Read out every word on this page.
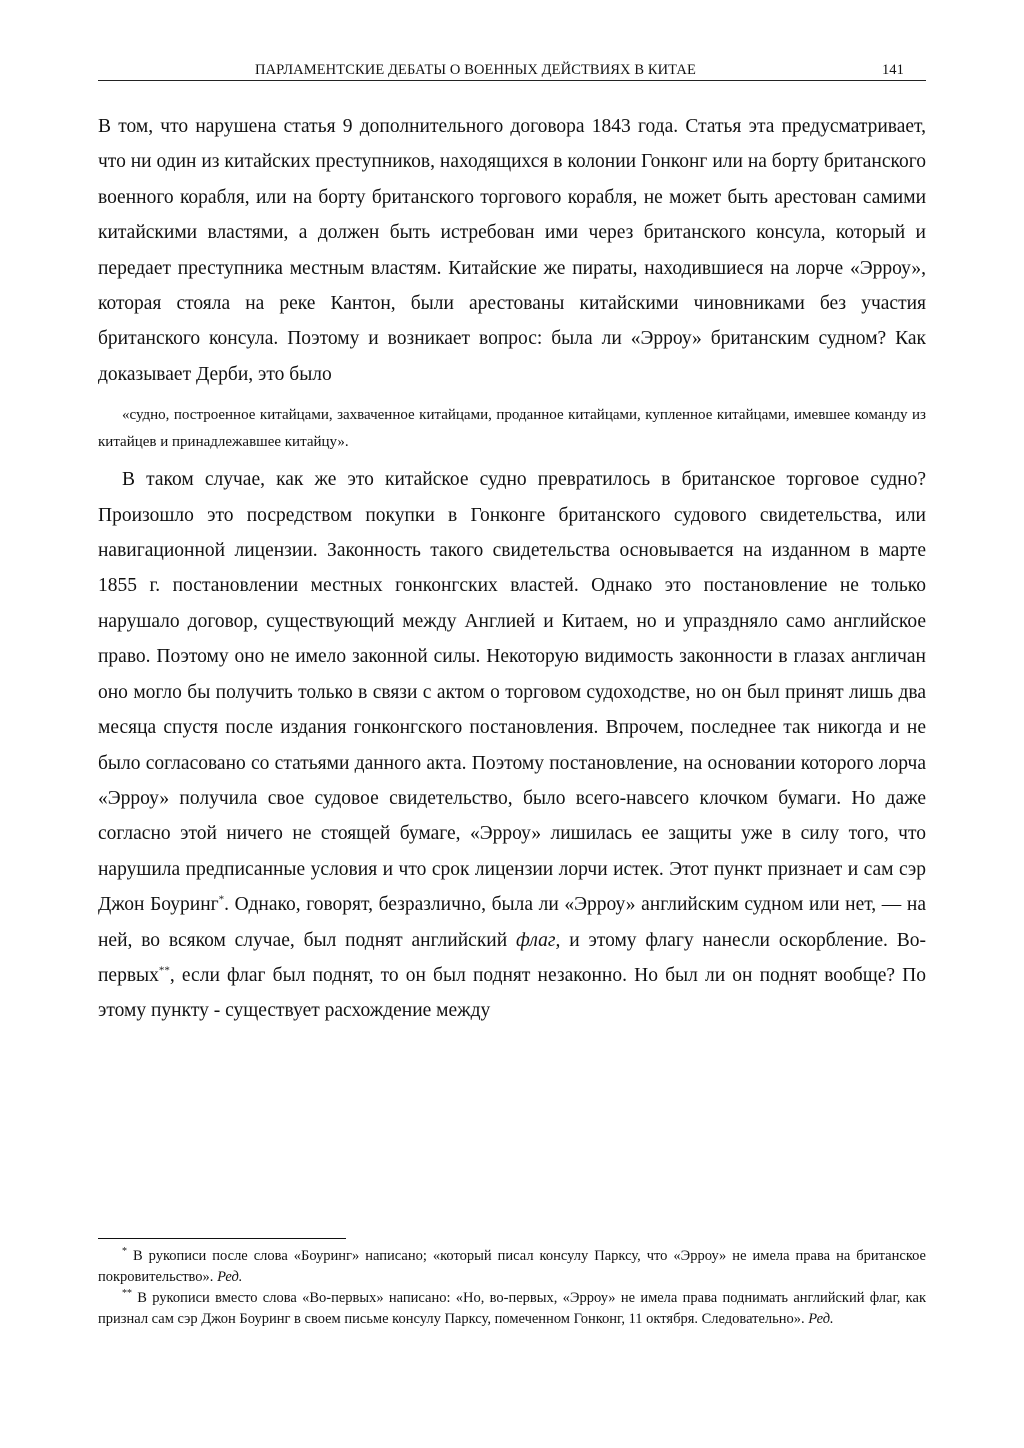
ПАРЛАМЕНТСКИЕ ДЕБАТЫ О ВОЕННЫХ ДЕЙСТВИЯХ В КИТАЕ	141

В том, что нарушена статья 9 дополнительного договора 1843 года. Статья эта предусматривает, что ни один из китайских преступников, находящихся в колонии Гонконг или на борту британского военного корабля, или на борту британского торгового корабля, не может быть арестован самими китайскими властями, а должен быть истребован ими через британского консула, который и передает преступника местным властям. Китайские же пираты, находившиеся на лорче «Эрроу», которая стояла на реке Кантон, были арестованы китайскими чиновниками без участия британского консула. Поэтому и возникает вопрос: была ли «Эрроу» британским судном? Как доказывает Дерби, это было

«судно, построенное китайцами, захваченное китайцами, проданное китайцами, купленное китайцами, имевшее команду из китайцев и принадлежавшее китайцу».

В таком случае, как же это китайское судно превратилось в британское торговое судно? Произошло это посредством покупки в Гонконге британского судового свидетельства, или навигационной лицензии. Законность такого свидетельства основывается на изданном в марте 1855 г. постановлении местных гонконгских властей. Однако это постановление не только нарушало договор, существующий между Англией и Китаем, но и упраздняло само английское право. Поэтому оно не имело законной силы. Некоторую видимость законности в глазах англичан оно могло бы получить только в связи с актом о торговом судоходстве, но он был принят лишь два месяца спустя после издания гонконгского постановления. Впрочем, последнее так никогда и не было согласовано со статьями данного акта. Поэтому постановление, на основании которого лорча «Эрроу» получила свое судовое свидетельство, было всего-навсего клочком бумаги. Но даже согласно этой ничего не стоящей бумаге, «Эрроу» лишилась ее защиты уже в силу того, что нарушила предписанные условия и что срок лицензии лорчи истек. Этот пункт признает и сам сэр Джон Боуринг*. Однако, говорят, безразлично, была ли «Эрроу» английским судном или нет, — на ней, во всяком случае, был поднят английский флаг, и этому флагу нанесли оскорбление. Во-первых**, если флаг был поднят, то он был поднят незаконно. Но был ли он поднят вообще? По этому пункту - существует расхождение между

* В рукописи после слова «Боуринг» написано; «который писал консулу Парксу, что «Эрроу» не имела права на британское покровительство». Ред.

** В рукописи вместо слова «Во-первых» написано: «Но, во-первых, «Эрроу» не имела права поднимать английский флаг, как признал сам сэр Джон Боуринг в своем письме консулу Парксу, помеченном Гонконг, 11 октября. Следовательно». Ред.
